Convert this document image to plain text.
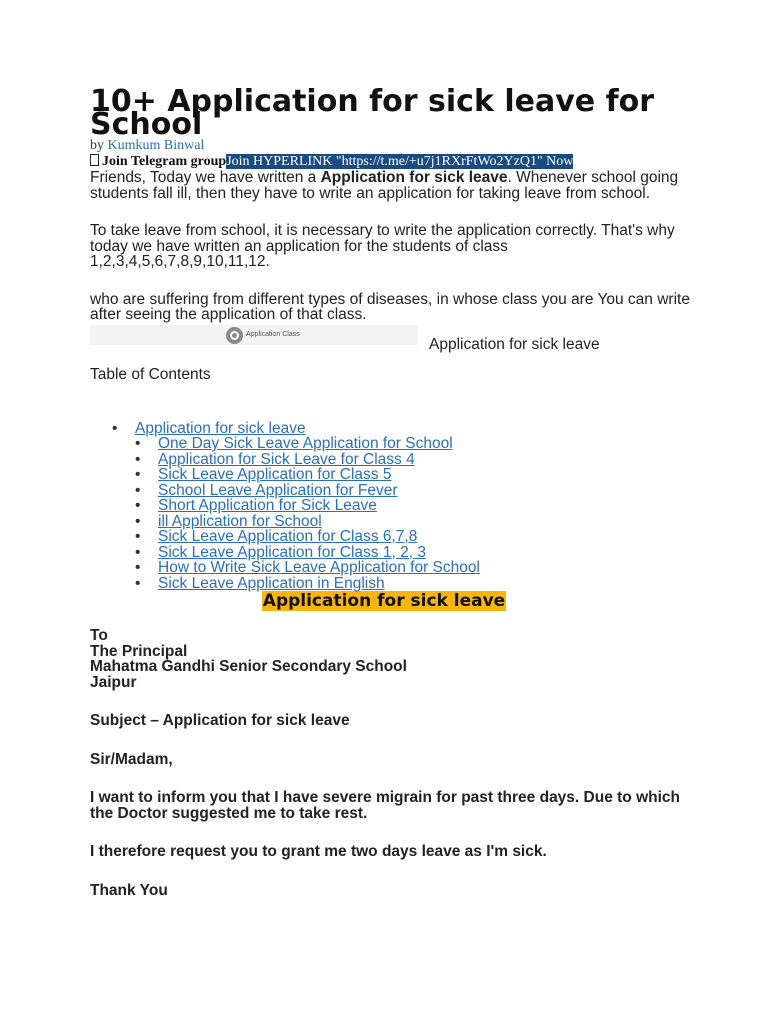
10+ Application for sick leave for School
by Kumkum Binwal
Join Telegram groupJoin HYPERLINK "https://t.me/+u7j1RXrFtWo2YzQ1" Now

Friends, Today we have written a Application for sick leave. Whenever school going students fall ill, then they have to write an application for taking leave from school.

To take leave from school, it is necessary to write the application correctly. That's why today we have written an application for the students of class 1,2,3,4,5,6,7,8,9,10,11,12.

who are suffering from different types of diseases, in whose class you are You can write after seeing the application of that class.

Application Class
Application for sick leave
Table of Contents
• Application for sick leave
• One Day Sick Leave Application for School
• Application for Sick Leave for Class 4
• Sick Leave Application for Class 5
• School Leave Application for Fever
• Short Application for Sick Leave
• ill Application for School
• Sick Leave Application for Class 6,7,8
• Sick Leave Application for Class 1, 2, 3
• How to Write Sick Leave Application for School
• Sick Leave Application in English
Application for sick leave
To
The Principal
Mahatma Gandhi Senior Secondary School
Jaipur
Subject – Application for sick leave
Sir/Madam,
I want to inform you that I have severe migrain for past three days. Due to which the Doctor suggested me to take rest.
I therefore request you to grant me two days leave as I'm sick.
Thank You
